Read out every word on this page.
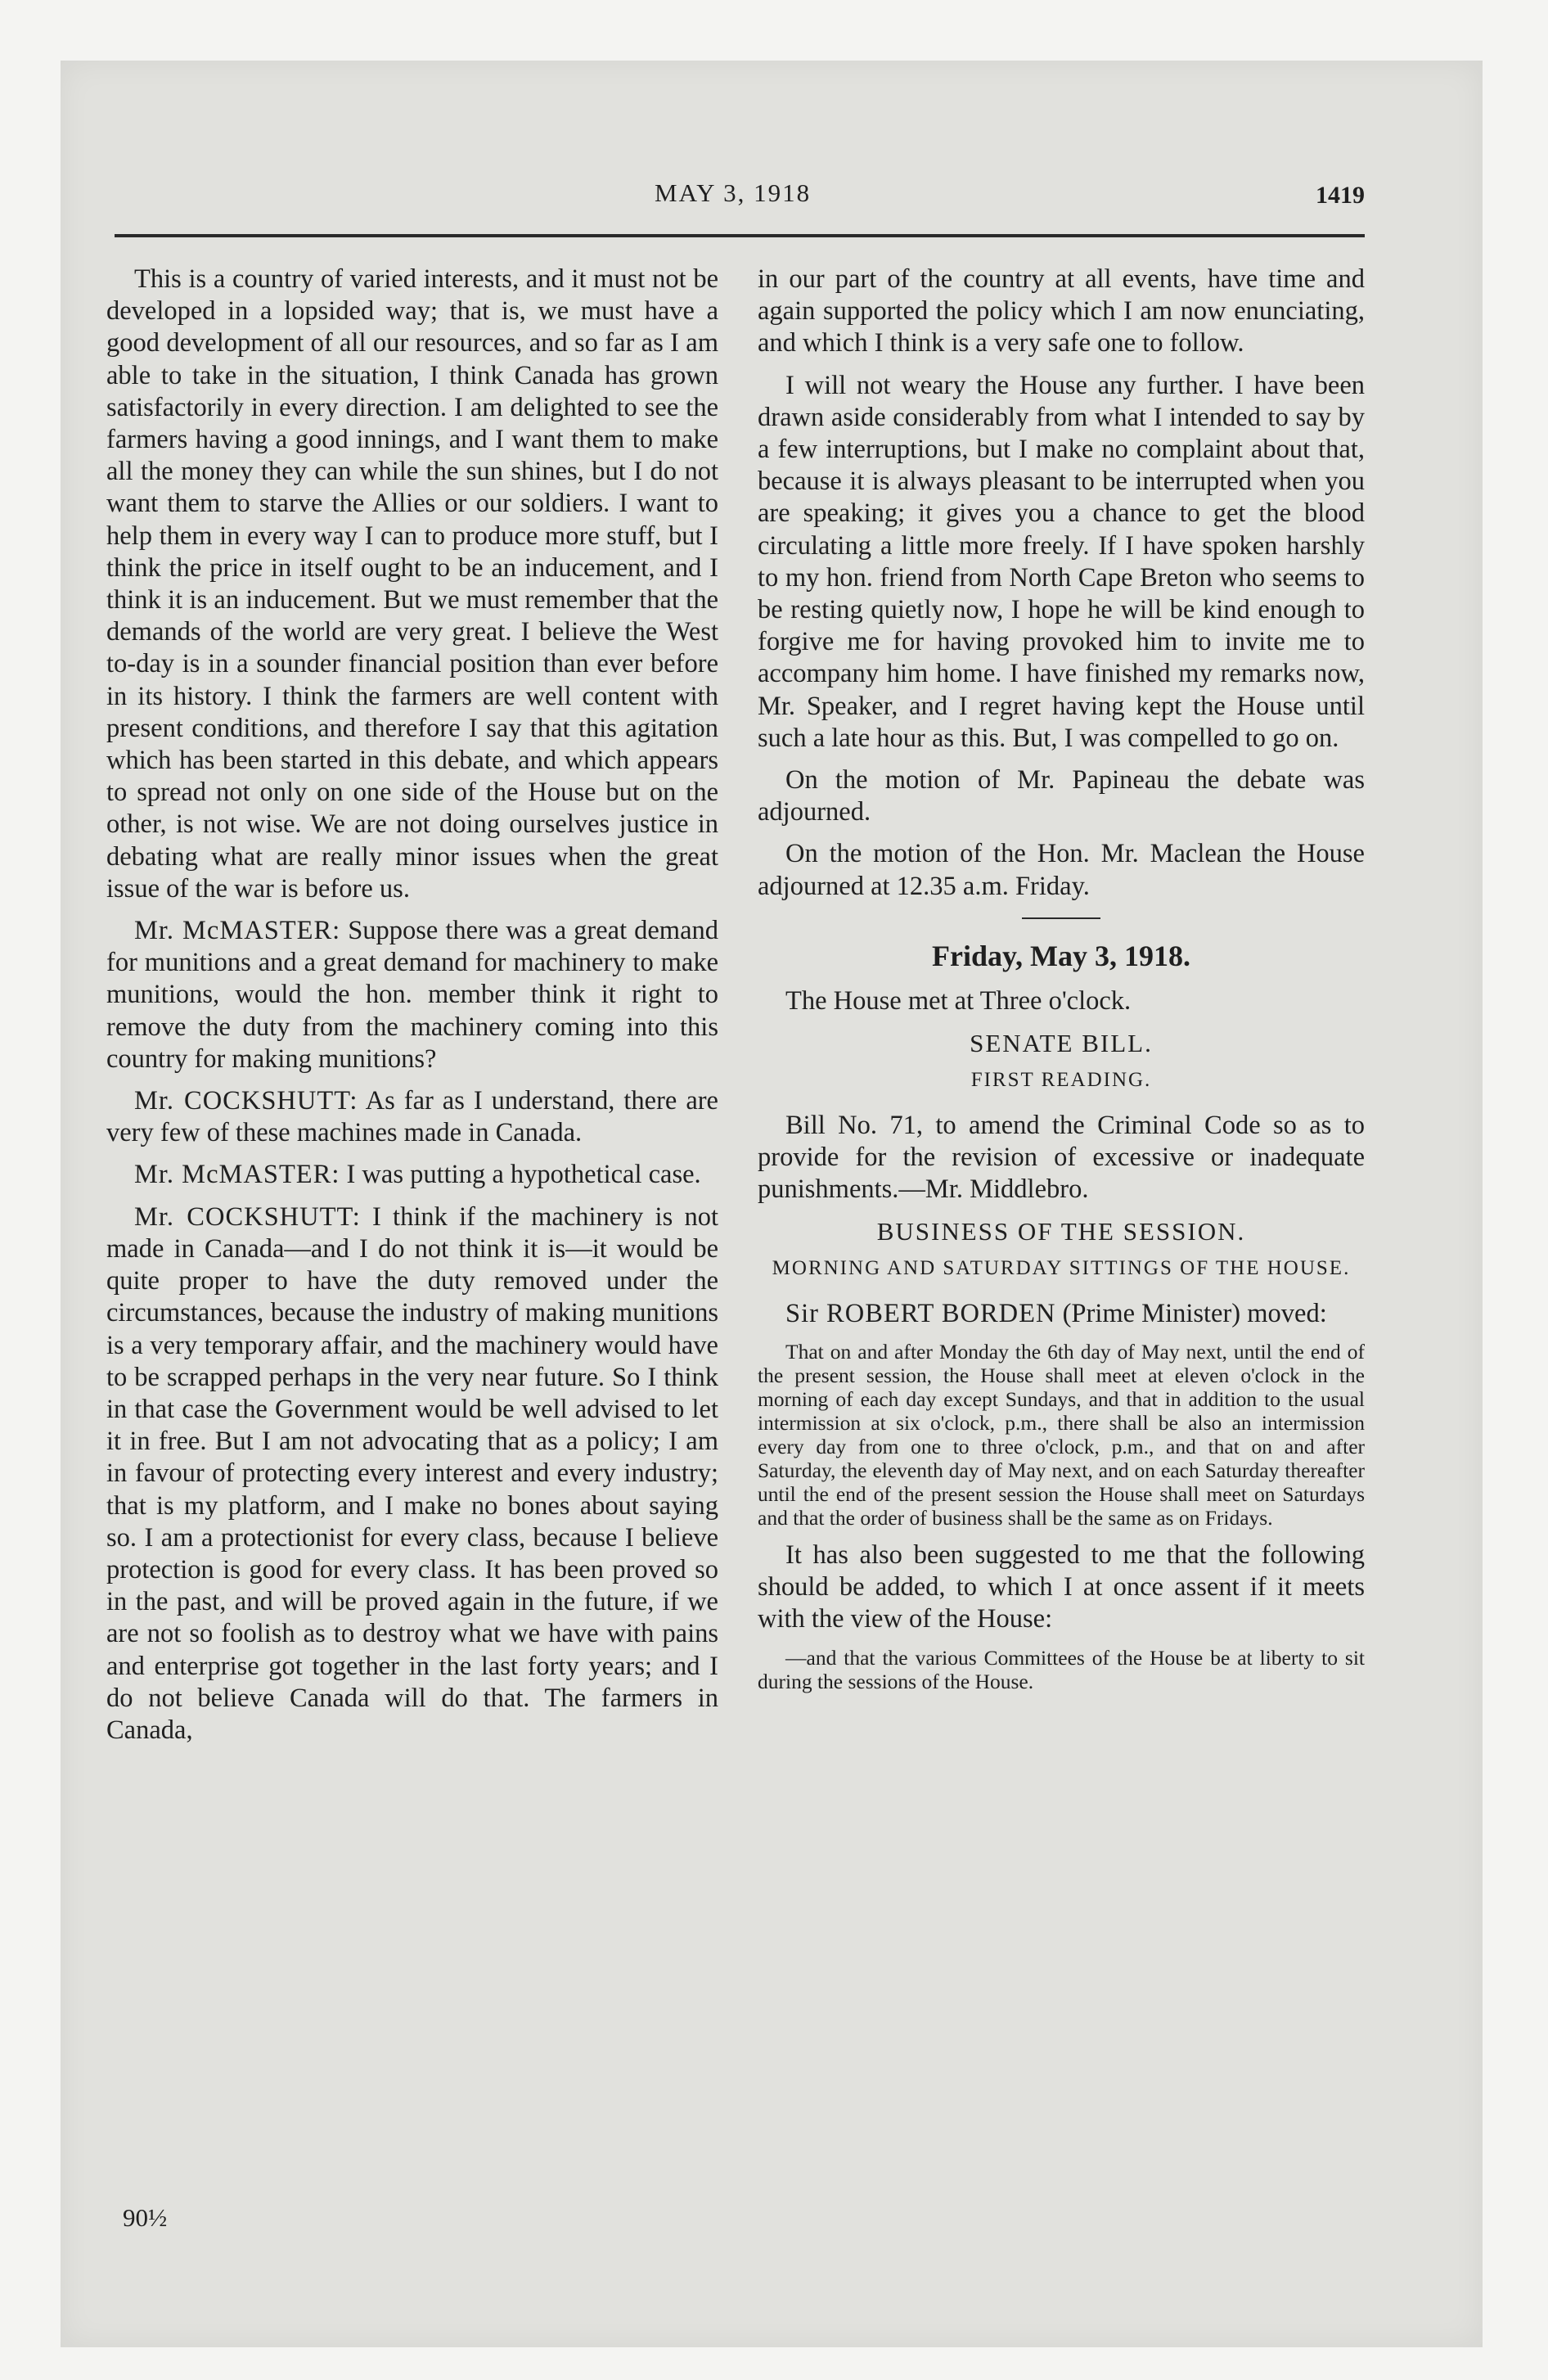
MAY 3, 1918	1419

This is a country of varied interests, and it must not be developed in a lopsided way; that is, we must have a good development of all our resources, and so far as I am able to take in the situation, I think Canada has grown satisfactorily in every direction. I am delighted to see the farmers having a good innings, and I want them to make all the money they can while the sun shines, but I do not want them to starve the Allies or our soldiers. I want to help them in every way I can to produce more stuff, but I think the price in itself ought to be an inducement, and I think it is an inducement. But we must remember that the demands of the world are very great. I believe the West to-day is in a sounder financial position than ever before in its history. I think the farmers are well content with present conditions, and therefore I say that this agitation which has been started in this debate, and which appears to spread not only on one side of the House but on the other, is not wise. We are not doing ourselves justice in debating what are really minor issues when the great issue of the war is before us.

Mr. McMASTER: Suppose there was a great demand for munitions and a great demand for machinery to make munitions, would the hon. member think it right to remove the duty from the machinery coming into this country for making munitions?

Mr. COCKSHUTT: As far as I understand, there are very few of these machines made in Canada.

Mr. McMASTER: I was putting a hypothetical case.

Mr. COCKSHUTT: I think if the machinery is not made in Canada—and I do not think it is—it would be quite proper to have the duty removed under the circumstances, because the industry of making munitions is a very temporary affair, and the machinery would have to be scrapped perhaps in the very near future. So I think in that case the Government would be well advised to let it in free. But I am not advocating that as a policy; I am in favour of protecting every interest and every industry; that is my platform, and I make no bones about saying so. I am a protectionist for every class, because I believe protection is good for every class. It has been proved so in the past, and will be proved again in the future, if we are not so foolish as to destroy what we have with pains and enterprise got together in the last forty years; and I do not believe Canada will do that. The farmers in Canada,

90½

in our part of the country at all events, have time and again supported the policy which I am now enunciating, and which I think is a very safe one to follow.

I will not weary the House any further. I have been drawn aside considerably from what I intended to say by a few interruptions, but I make no complaint about that, because it is always pleasant to be interrupted when you are speaking; it gives you a chance to get the blood circulating a little more freely. If I have spoken harshly to my hon. friend from North Cape Breton who seems to be resting quietly now, I hope he will be kind enough to forgive me for having provoked him to invite me to accompany him home. I have finished my remarks now, Mr. Speaker, and I regret having kept the House until such a late hour as this. But, I was compelled to go on.

On the motion of Mr. Papineau the debate was adjourned.

On the motion of the Hon. Mr. Maclean the House adjourned at 12.35 a.m. Friday.

Friday, May 3, 1918.

The House met at Three o'clock.

SENATE BILL.
FIRST READING.

Bill No. 71, to amend the Criminal Code so as to provide for the revision of excessive or inadequate punishments.—Mr. Middlebro.

BUSINESS OF THE SESSION.
MORNING AND SATURDAY SITTINGS OF THE HOUSE.

Sir ROBERT BORDEN (Prime Minister) moved:

That on and after Monday the 6th day of May next, until the end of the present session, the House shall meet at eleven o'clock in the morning of each day except Sundays, and that in addition to the usual intermission at six o'clock, p.m., there shall be also an intermission every day from one to three o'clock, p.m., and that on and after Saturday, the eleventh day of May next, and on each Saturday thereafter until the end of the present session the House shall meet on Saturdays and that the order of business shall be the same as on Fridays.

It has also been suggested to me that the following should be added, to which I at once assent if it meets with the view of the House:

—and that the various Committees of the House be at liberty to sit during the sessions of the House.
